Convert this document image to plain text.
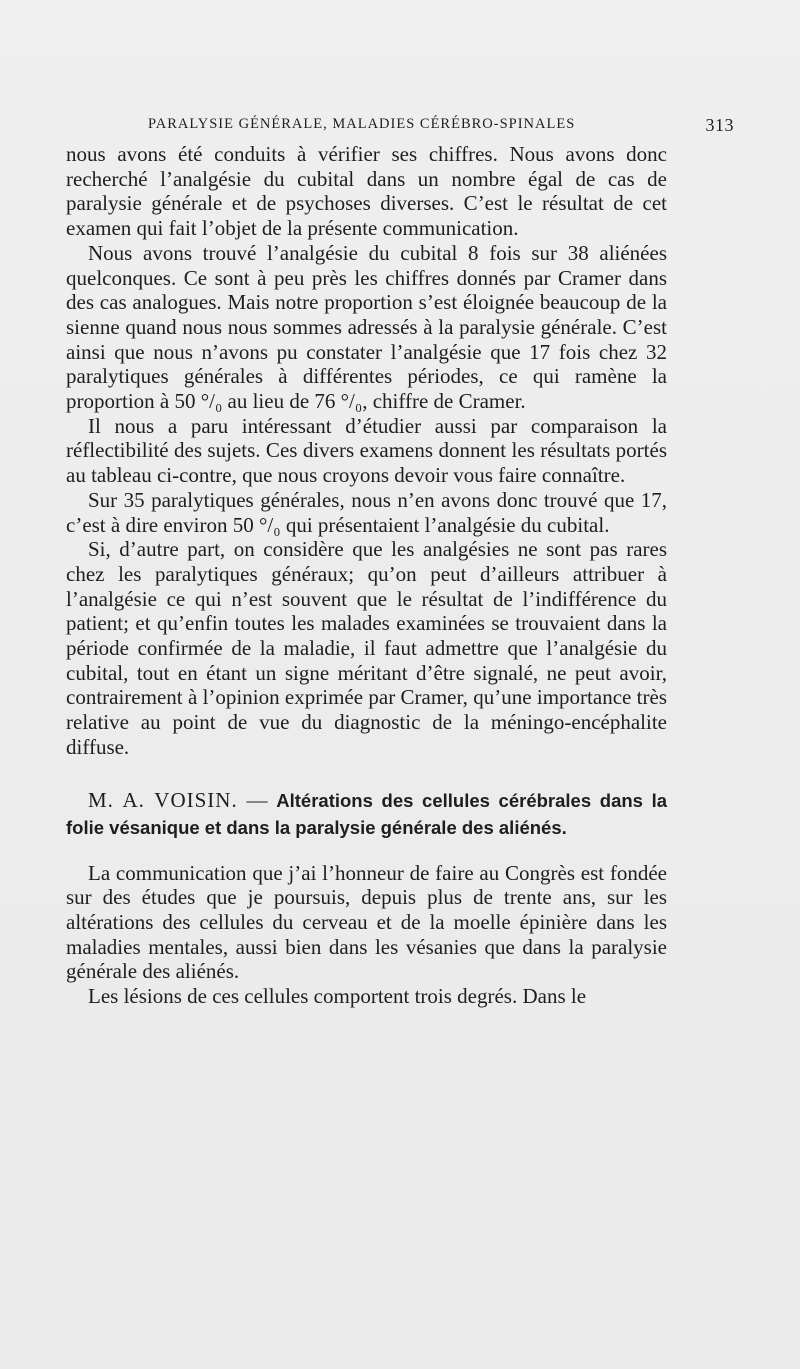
PARALYSIE GÉNÉRALE, MALADIES CÉRÉBRO-SPINALES	313

nous avons été conduits à vérifier ses chiffres. Nous avons donc recherché l’analgésie du cubital dans un nombre égal de cas de paralysie générale et de psychoses diverses. C’est le résultat de cet examen qui fait l’objet de la présente communication.

Nous avons trouvé l’analgésie du cubital 8 fois sur 38 aliénées quelconques. Ce sont à peu près les chiffres donnés par Cramer dans des cas analogues. Mais notre proportion s’est éloignée beaucoup de la sienne quand nous nous sommes adressés à la paralysie générale. C’est ainsi que nous n’avons pu constater l’analgésie que 17 fois chez 32 paralytiques générales à différentes périodes, ce qui ramène la proportion à 50 °/₀ au lieu de 76 °/₀, chiffre de Cramer.

Il nous a paru intéressant d’étudier aussi par comparaison la réflectibilité des sujets. Ces divers examens donnent les résultats portés au tableau ci-contre, que nous croyons devoir vous faire connaître.

Sur 35 paralytiques générales, nous n’en avons donc trouvé que 17, c’est à dire environ 50 °/₀ qui présentaient l’analgésie du cubital.

Si, d’autre part, on considère que les analgésies ne sont pas rares chez les paralytiques généraux; qu’on peut d’ailleurs attribuer à l’analgésie ce qui n’est souvent que le résultat de l’indifférence du patient; et qu’enfin toutes les malades examinées se trouvaient dans la période confirmée de la maladie, il faut admettre que l’analgésie du cubital, tout en étant un signe méritant d’être signalé, ne peut avoir, contrairement à l’opinion exprimée par Cramer, qu’une importance très relative au point de vue du diagnostic de la méningo-encéphalite diffuse.

M. A. VOISIN. — Altérations des cellules cérébrales dans la folie vésanique et dans la paralysie générale des aliénés.

La communication que j’ai l’honneur de faire au Congrès est fondée sur des études que je poursuis, depuis plus de trente ans, sur les altérations des cellules du cerveau et de la moelle épinière dans les maladies mentales, aussi bien dans les vésanies que dans la paralysie générale des aliénés.

Les lésions de ces cellules comportent trois degrés. Dans le
